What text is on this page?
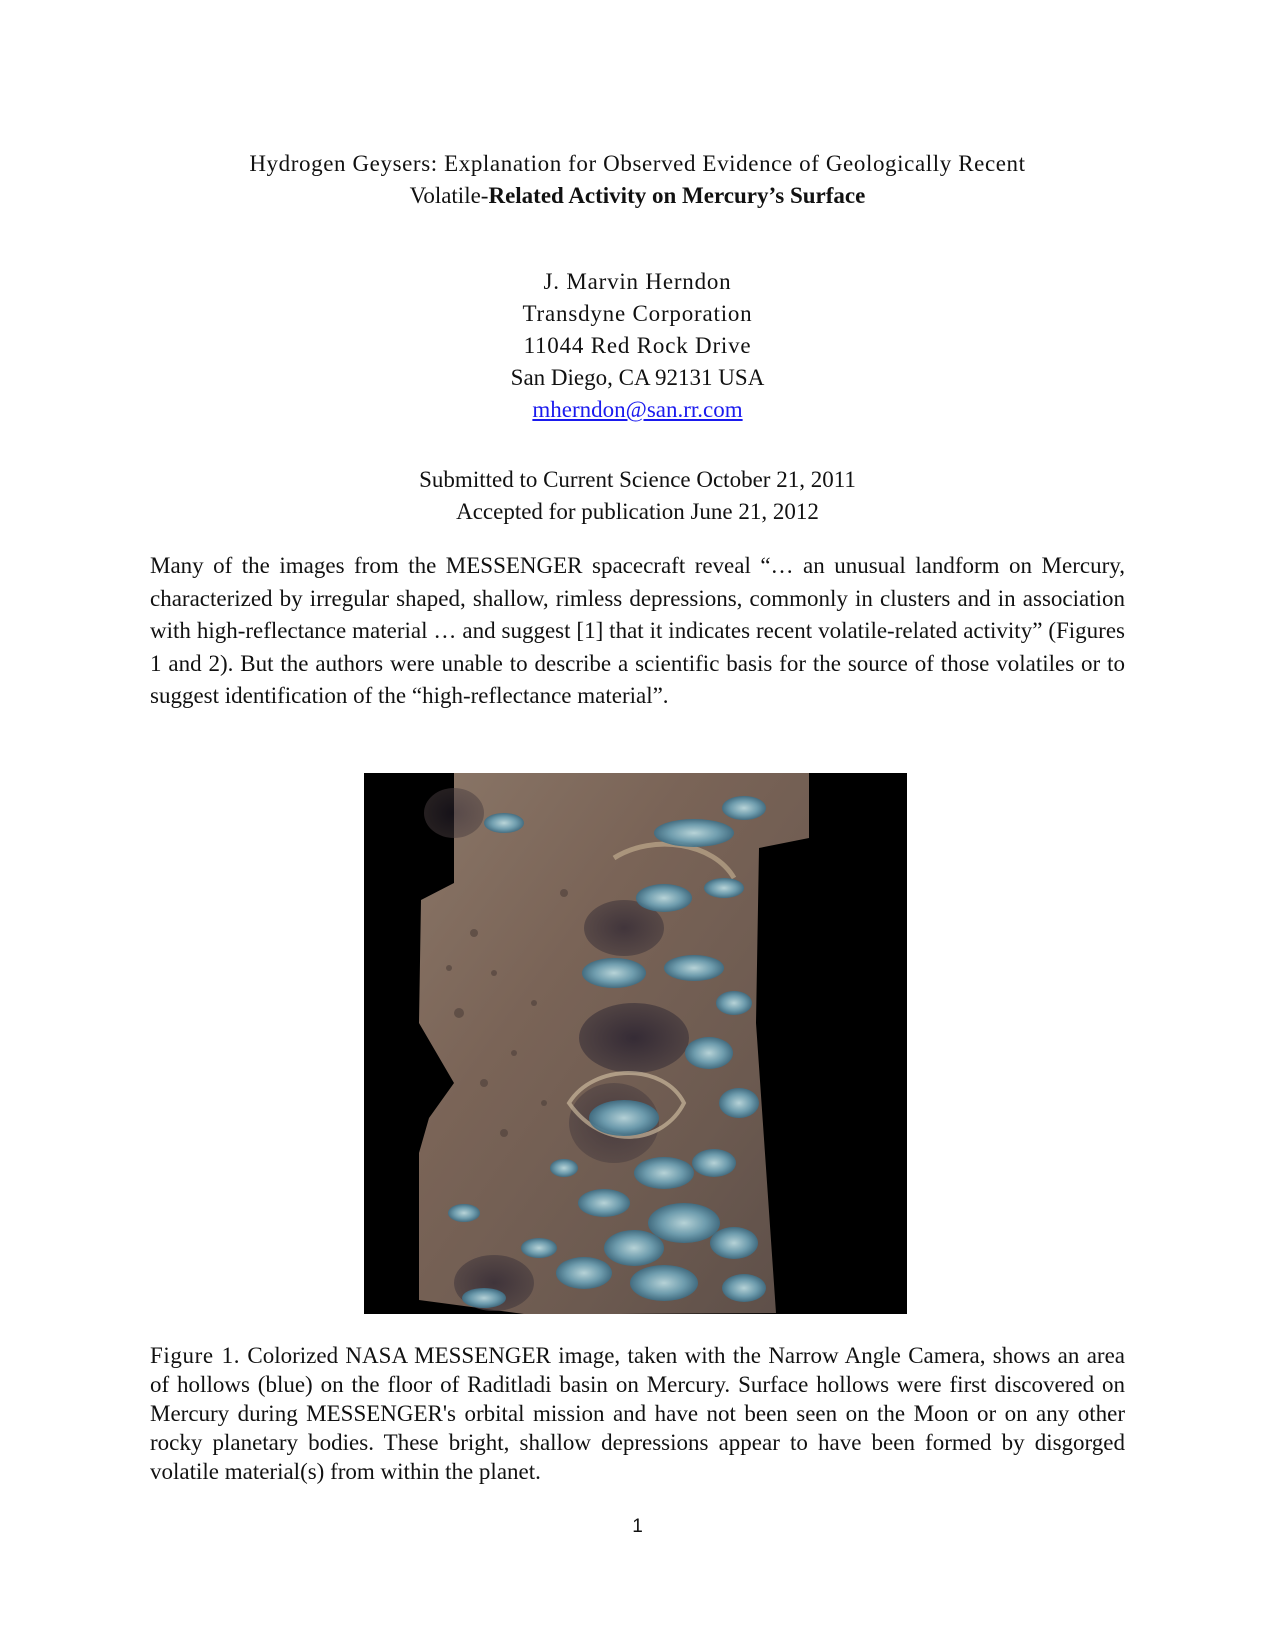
Hydrogen Geysers: Explanation for Observed Evidence of Geologically Recent
Volatile-Related Activity on Mercury’s Surface
J. Marvin Herndon
Transdyne Corporation
11044 Red Rock Drive
San Diego, CA 92131 USA
mherndon@san.rr.com
Submitted to Current Science October 21, 2011
Accepted for publication June 21, 2012
Many of the images from the MESSENGER spacecraft reveal “… an unusual landform on Mercury, characterized by irregular shaped, shallow, rimless depressions, commonly in clusters and in association with high-reflectance material … and suggest [1] that it indicates recent volatile-related activity” (Figures 1 and 2). But the authors were unable to describe a scientific basis for the source of those volatiles or to suggest identification of the “high-reflectance material”.
Figure 1. Colorized NASA MESSENGER image, taken with the Narrow Angle Camera, shows an area of hollows (blue) on the floor of Raditladi basin on Mercury. Surface hollows were first discovered on Mercury during MESSENGER's orbital mission and have not been seen on the Moon or on any other rocky planetary bodies. These bright, shallow depressions appear to have been formed by disgorged volatile material(s) from within the planet.
1
